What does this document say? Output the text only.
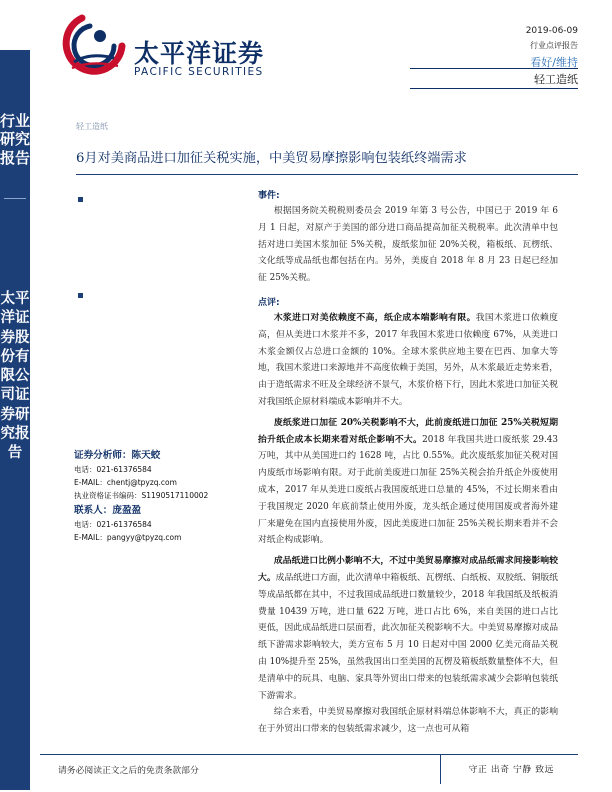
行业研究报告
太平洋证券股份有限公司证券研究报告
太平洋证券
PACIFIC SECURITIES
2019-06-09
行业点评报告
看好/维持
轻工造纸
轻工造纸
6月对美商品进口加征关税实施，中美贸易摩擦影响包装纸终端需求
证券分析师：陈天蛟
电话：021-61376584
E-MAIL：chentj@tpyzq.com
执业资格证书编码：S1190517110002
联系人：庞盈盈
电话：021-61376584
E-MAIL：pangyy@tpyzq.com
事件:
根据国务院关税税则委员会 2019 年第 3 号公告，中国已于 2019 年 6 月 1 日起，对原产于美国的部分进口商品提高加征关税税率。此次清单中包括对进口美国木浆加征 5%关税，废纸浆加征 20%关税，箱板纸、瓦楞纸、文化纸等成品纸也都包括在内。另外，美废自 2018 年 8 月 23 日起已经加征 25%关税。
点评:
木浆进口对美依赖度不高，纸企成本端影响有限。我国木浆进口依赖度高，但从美进口木浆并不多，2017 年我国木浆进口依赖度 67%，从美进口木浆金额仅占总进口金额的 10%。全球木浆供应地主要在巴西、加拿大等地，我国木浆进口来源地并不高度依赖于美国，另外，从木浆最近走势来看，由于造纸需求不旺及全球经济不景气，木浆价格下行，因此木浆进口加征关税对我国纸企原材料端成本影响并不大。
废纸浆进口加征 20%关税影响不大，此前废纸进口加征 25%关税短期抬升纸企成本长期来看对纸企影响不大。2018 年我国共进口废纸浆 29.43 万吨，其中从美国进口约 1628 吨，占比 0.55%。此次废纸浆加征关税对国内废纸市场影响有限。对于此前美废进口加征 25%关税会抬升纸企外废使用成本，2017 年从美进口废纸占我国废纸进口总量的 45%，不过长期来看由于我国规定 2020 年底前禁止使用外废，龙头纸企通过使用国废或者海外建厂来避免在国内直接使用外废，因此美废进口加征 25%关税长期来看并不会对纸企构成影响。
成品纸进口比例小影响不大，不过中美贸易摩擦对成品纸需求间接影响较大。成品纸进口方面，此次清单中箱板纸、瓦楞纸、白纸板、双胶纸、铜版纸等成品纸都在其中，不过我国成品纸进口数量较少，2018 年我国纸及纸板消费量 10439 万吨，进口量 622 万吨，进口占比 6%，来自美国的进口占比更低，因此成品纸进口层面看，此次加征关税影响不大。中美贸易摩擦对成品纸下游需求影响较大，美方宣布 5 月 10 日起对中国 2000 亿美元商品关税由 10%提升至 25%，虽然我国出口至美国的瓦楞及箱板纸数量整体不大，但是清单中的玩具、电脑、家具等外贸出口带来的包装纸需求减少会影响包装纸下游需求。
综合来看，中美贸易摩擦对我国纸企原材料端总体影响不大，真正的影响在于外贸出口带来的包装纸需求减少，这一点也可从箱
请务必阅读正文之后的免责条款部分	守正 出奇 宁静 致远
